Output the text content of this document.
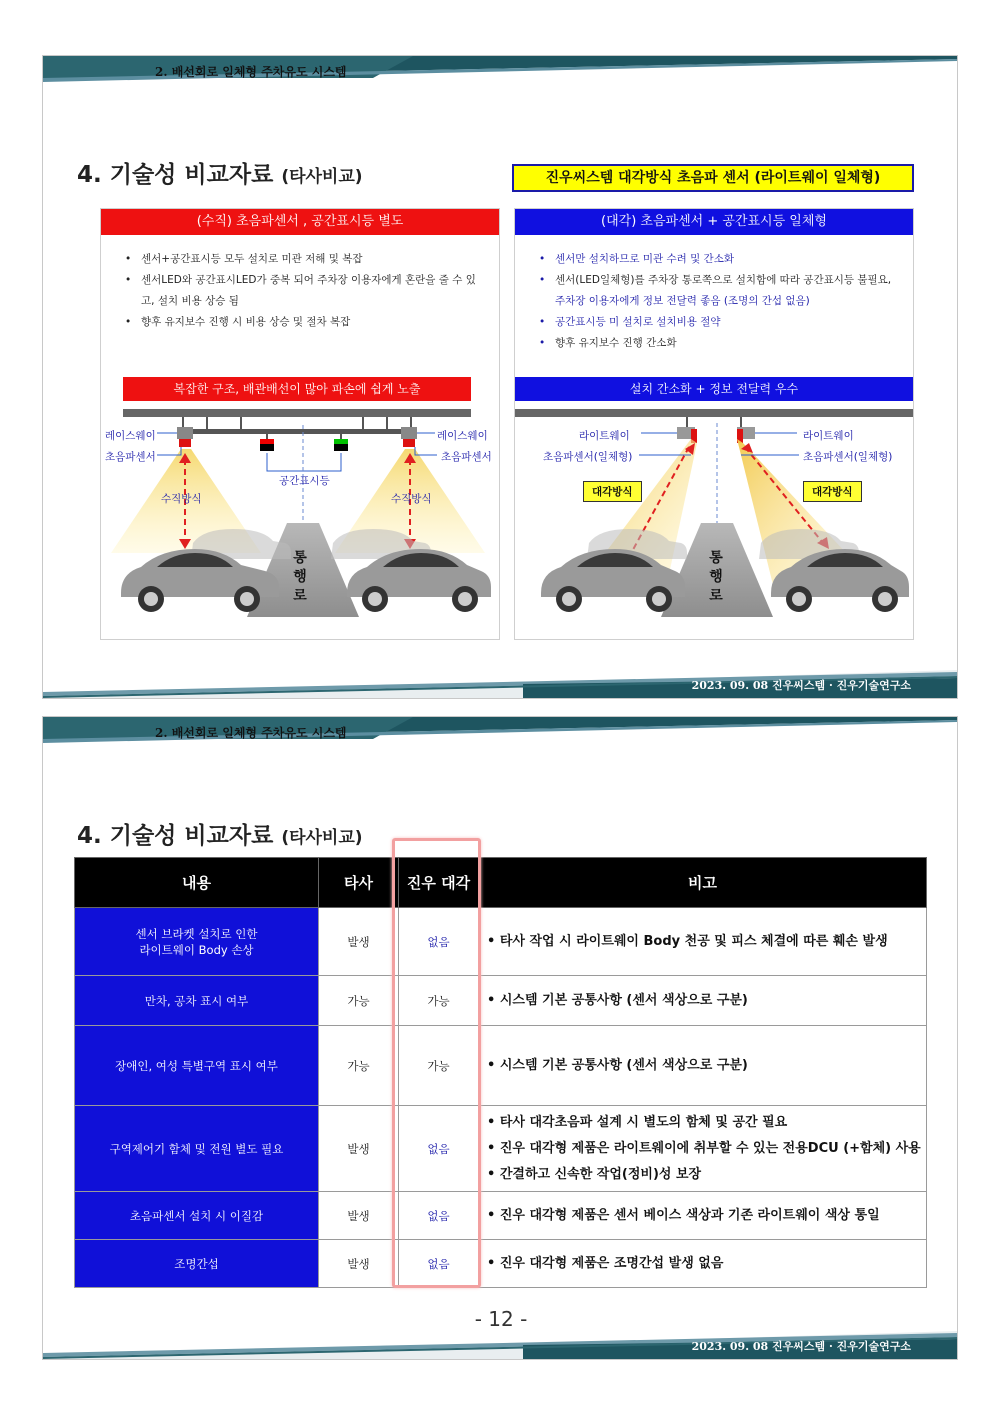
2. 배선회로 일체형 주차유도 시스템
4. 기술성 비교자료 (타사비교)	진우씨스템 대각방식 초음파 센서 (라이트웨이 일체형)
(수직) 초음파센서 , 공간표시등 별도
• 센서+공간표시등 모두 설치로 미관 저해 및 복잡
• 센서LED와 공간표시LED가 중복 되어 주차장 이용자에게 혼란을 줄 수 있고, 설치 비용 상승 됨
• 향후 유지보수 진행 시 비용 상승 및 절차 복잡
복잡한 구조, 배관배선이 많아 파손에 쉽게 노출
레이스웨이
초음파센서
레이스웨이
초음파센서
공간표시등
수직방식	수직방식
통
행
로
(대각) 초음파센서 + 공간표시등 일체형
• 센서만 설치하므로 미관 수려 및 간소화
• 센서(LED일체형)를 주차장 통로쪽으로 설치함에 따라 공간표시등 불필요, 주차장 이용자에게 정보 전달력 좋음 (조명의 간섭 없음)
• 공간표시등 미 설치로 설치비용 절약
• 향후 유지보수 진행 간소화
설치 간소화 + 정보 전달력 우수
라이트웨이
초음파센서(일체형)
라이트웨이
초음파센서(일체형)
대각방식	대각방식
통
행
로
2023. 09. 08 진우씨스템 · 진우기술연구소
2. 배선회로 일체형 주차유도 시스템
4. 기술성 비교자료 (타사비교)
내용	타사	진우 대각	비고
센서 브라켓 설치로 인한
라이트웨이 Body 손상	발생	없음	• 타사 작업 시 라이트웨이 Body 천공 및 피스 체결에 따른 훼손 발생

만차, 공차 표시 여부	가능	가능	• 시스템 기본 공통사항 (센서 색상으로 구분)

장애인, 여성 특별구역 표시 여부	가능	가능	• 시스템 기본 공통사항 (센서 색상으로 구분)

구역제어기 함체 및 전원 별도 필요	발생	없음	• 타사 대각초음파 설계 시 별도의 함체 및 공간 필요
• 진우 대각형 제품은 라이트웨이에 취부할 수 있는 전용DCU (+함체) 사용
• 간결하고 신속한 작업(정비)성 보장

초음파센서 설치 시 이질감	발생	없음	• 진우 대각형 제품은 센서 베이스 색상과 기존 라이트웨이 색상 통일

조명간섭	발생	없음	• 진우 대각형 제품은 조명간섭 발생 없음
- 12 -
2023. 09. 08 진우씨스템 · 진우기술연구소
